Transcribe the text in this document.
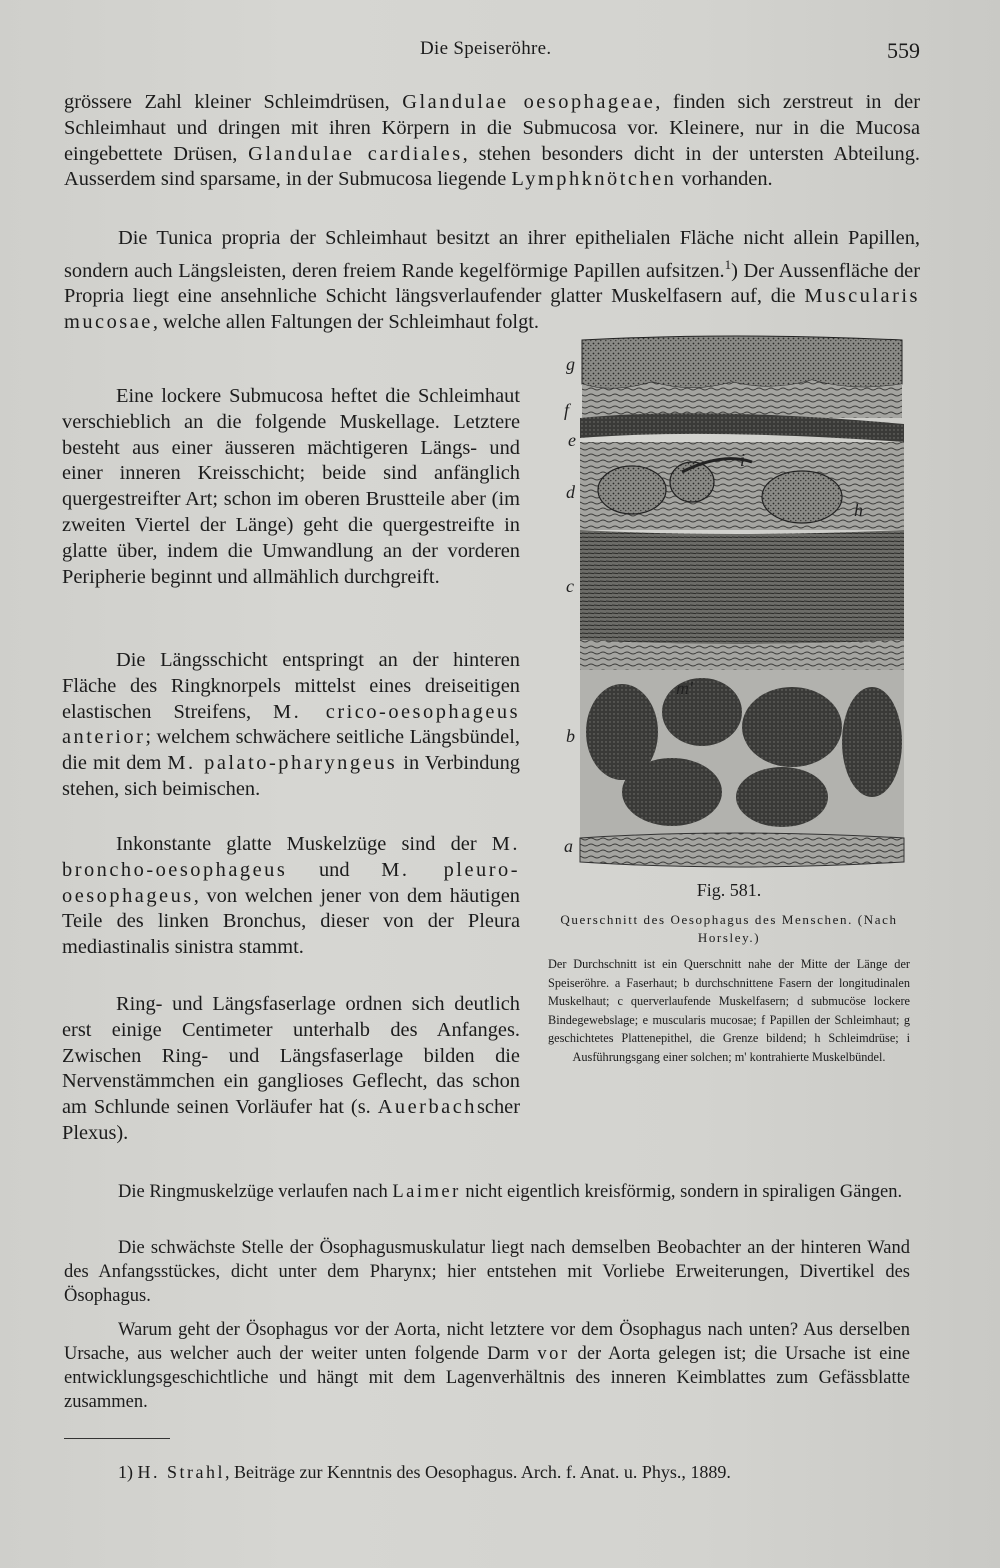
Die Speiseröhre.	559

grössere Zahl kleiner Schleimdrüsen, Glandulae oesophageae, finden sich zerstreut in der Schleimhaut und dringen mit ihren Körpern in die Submucosa vor. Kleinere, nur in die Mucosa eingebettete Drüsen, Glandulae cardiales, stehen besonders dicht in der untersten Abteilung. Ausserdem sind sparsame, in der Submucosa liegende Lymphknötchen vorhanden.

Die Tunica propria der Schleimhaut besitzt an ihrer epithelialen Fläche nicht allein Papillen, sondern auch Längsleisten, deren freiem Rande kegelförmige Papillen aufsitzen.$^1$) Der Aussenfläche der Propria liegt eine ansehnliche Schicht längsverlaufender glatter Muskelfasern auf, die Muscularis mucosae, welche allen Faltungen der Schleimhaut folgt.

Eine lockere Submucosa heftet die Schleimhaut verschieblich an die folgende Muskellage. Letztere besteht aus einer äusseren mächtigeren Längs- und einer inneren Kreisschicht; beide sind anfänglich quergestreifter Art; schon im oberen Brustteile aber (im zweiten Viertel der Länge) geht die quergestreifte in glatte über, indem die Umwandlung an der vorderen Peripherie beginnt und allmählich durchgreift.

Die Längsschicht entspringt an der hinteren Fläche des Ringknorpels mittelst eines dreiseitigen elastischen Streifens, M. crico-oesophageus anterior; welchem schwächere seitliche Längsbündel, die mit dem M. palato-pharyngeus in Verbindung stehen, sich beimischen.

Inkonstante glatte Muskelzüge sind der M. broncho-oesophageus und M. pleuro-oesophageus, von welchen jener von dem häutigen Teile des linken Bronchus, dieser von der Pleura mediastinalis sinistra stammt.

Ring- und Längsfaserlage ordnen sich deutlich erst einige Centimeter unterhalb des Anfanges. Zwischen Ring- und Längsfaserlage bilden die Nervenstämmchen ein ganglioses Geflecht, das schon am Schlunde seinen Vorläufer hat (s. Auerbachscher Plexus).

g
f
e
i
d
h
c
m'
b
a

Fig. 581.

Querschnitt des Oesophagus des Menschen. (Nach Horsley.)

Der Durchschnitt ist ein Querschnitt nahe der Mitte der Länge der Speiseröhre. a Faserhaut; b durchschnittene Fasern der longitudinalen Muskelhaut; c querverlaufende Muskelfasern; d submucöse lockere Bindegewebslage; e muscularis mucosae; f Papillen der Schleimhaut; g geschichtetes Plattenepithel, die Grenze bildend; h Schleimdrüse; i Ausführungsgang einer solchen; m' kontrahierte Muskelbündel.

Die Ringmuskelzüge verlaufen nach Laimer nicht eigentlich kreisförmig, sondern in spiraligen Gängen.

Die schwächste Stelle der Ösophagusmuskulatur liegt nach demselben Beobachter an der hinteren Wand des Anfangsstückes, dicht unter dem Pharynx; hier entstehen mit Vorliebe Erweiterungen, Divertikel des Ösophagus.

Warum geht der Ösophagus vor der Aorta, nicht letztere vor dem Ösophagus nach unten? Aus derselben Ursache, aus welcher auch der weiter unten folgende Darm vor der Aorta gelegen ist; die Ursache ist eine entwicklungsgeschichtliche und hängt mit dem Lagenverhältnis des inneren Keimblattes zum Gefässblatte zusammen.

1) H. Strahl, Beiträge zur Kenntnis des Oesophagus. Arch. f. Anat. u. Phys., 1889.
